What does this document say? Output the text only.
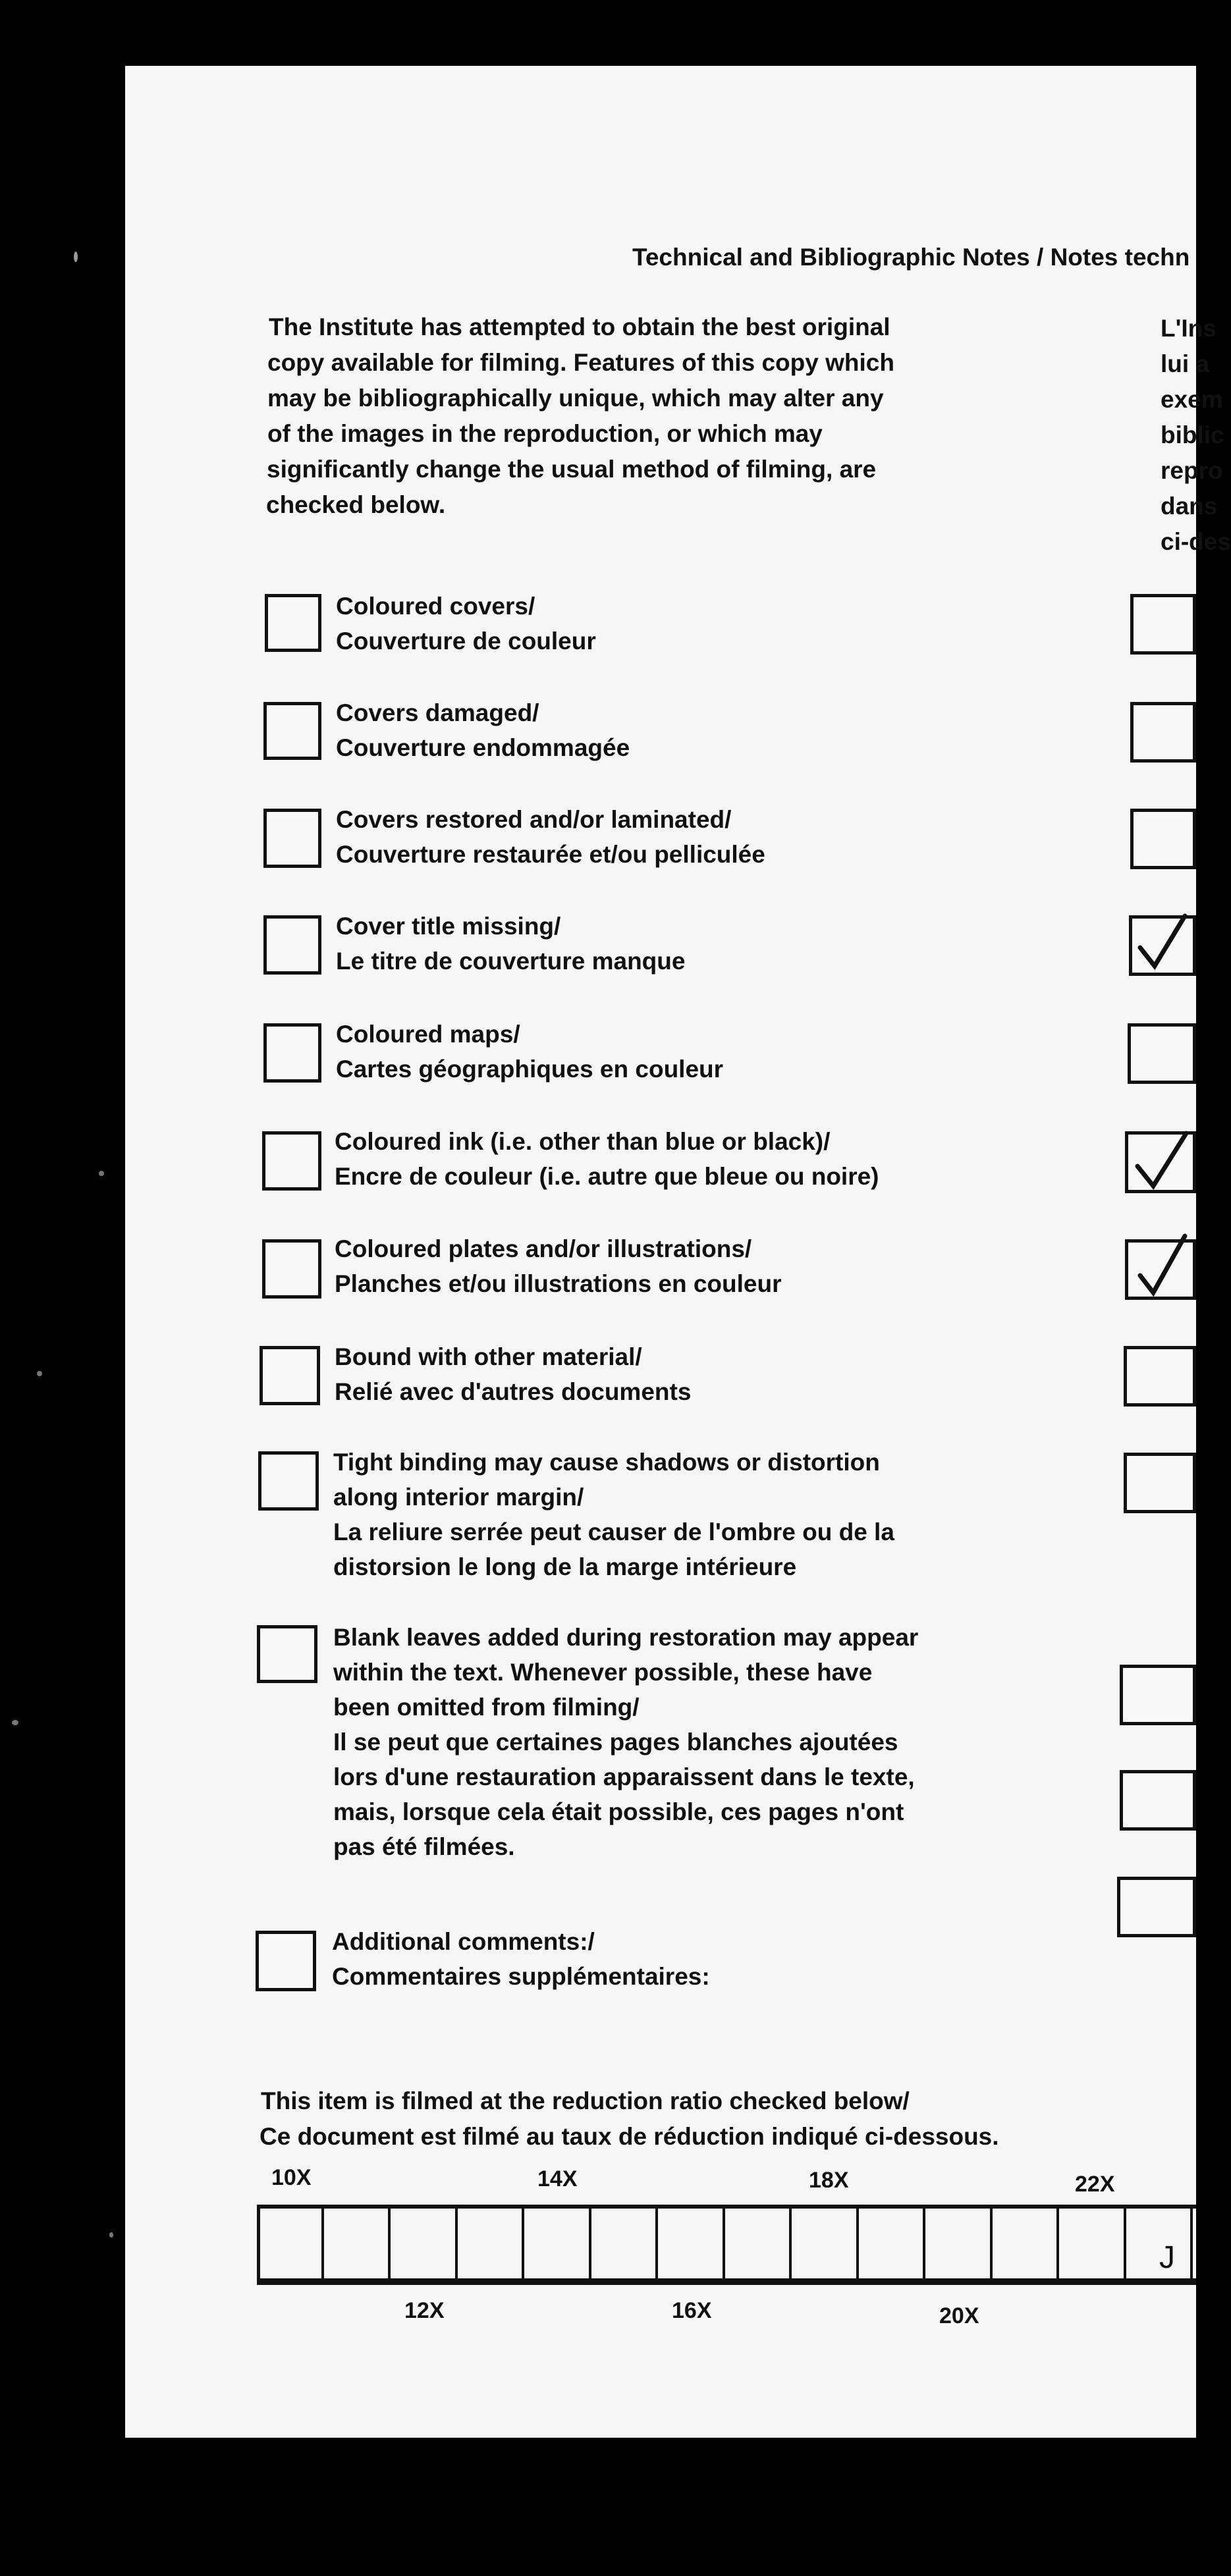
Technical and Bibliographic Notes / Notes techn
The Institute has attempted to obtain the best original
copy available for filming. Features of this copy which
may be bibliographically unique, which may alter any
of the images in the reproduction, or which may
significantly change the usual method of filming, are
checked below.
L'Ins
lui a
exem
biblic
repro
dans
ci-des
Coloured covers/
Couverture de couleur
Covers damaged/
Couverture endommagée
Covers restored and/or laminated/
Couverture restaurée et/ou pelliculée
Cover title missing/
Le titre de couverture manque
Coloured maps/
Cartes géographiques en couleur
Coloured ink (i.e. other than blue or black)/
Encre de couleur (i.e. autre que bleue ou noire)
Coloured plates and/or illustrations/
Planches et/ou illustrations en couleur
Bound with other material/
Relié avec d'autres documents
Tight binding may cause shadows or distortion
along interior margin/
La reliure serrée peut causer de l'ombre ou de la
distorsion le long de la marge intérieure
Blank leaves added during restoration may appear
within the text. Whenever possible, these have
been omitted from filming/
Il se peut que certaines pages blanches ajoutées
lors d'une restauration apparaissent dans le texte,
mais, lorsque cela était possible, ces pages n'ont
pas été filmées.
Additional comments:/
Commentaires supplémentaires:
This item is filmed at the reduction ratio checked below/
Ce document est filmé au taux de réduction indiqué ci-dessous.
10X	14X	18X	22X
J
12X	16X	20X
